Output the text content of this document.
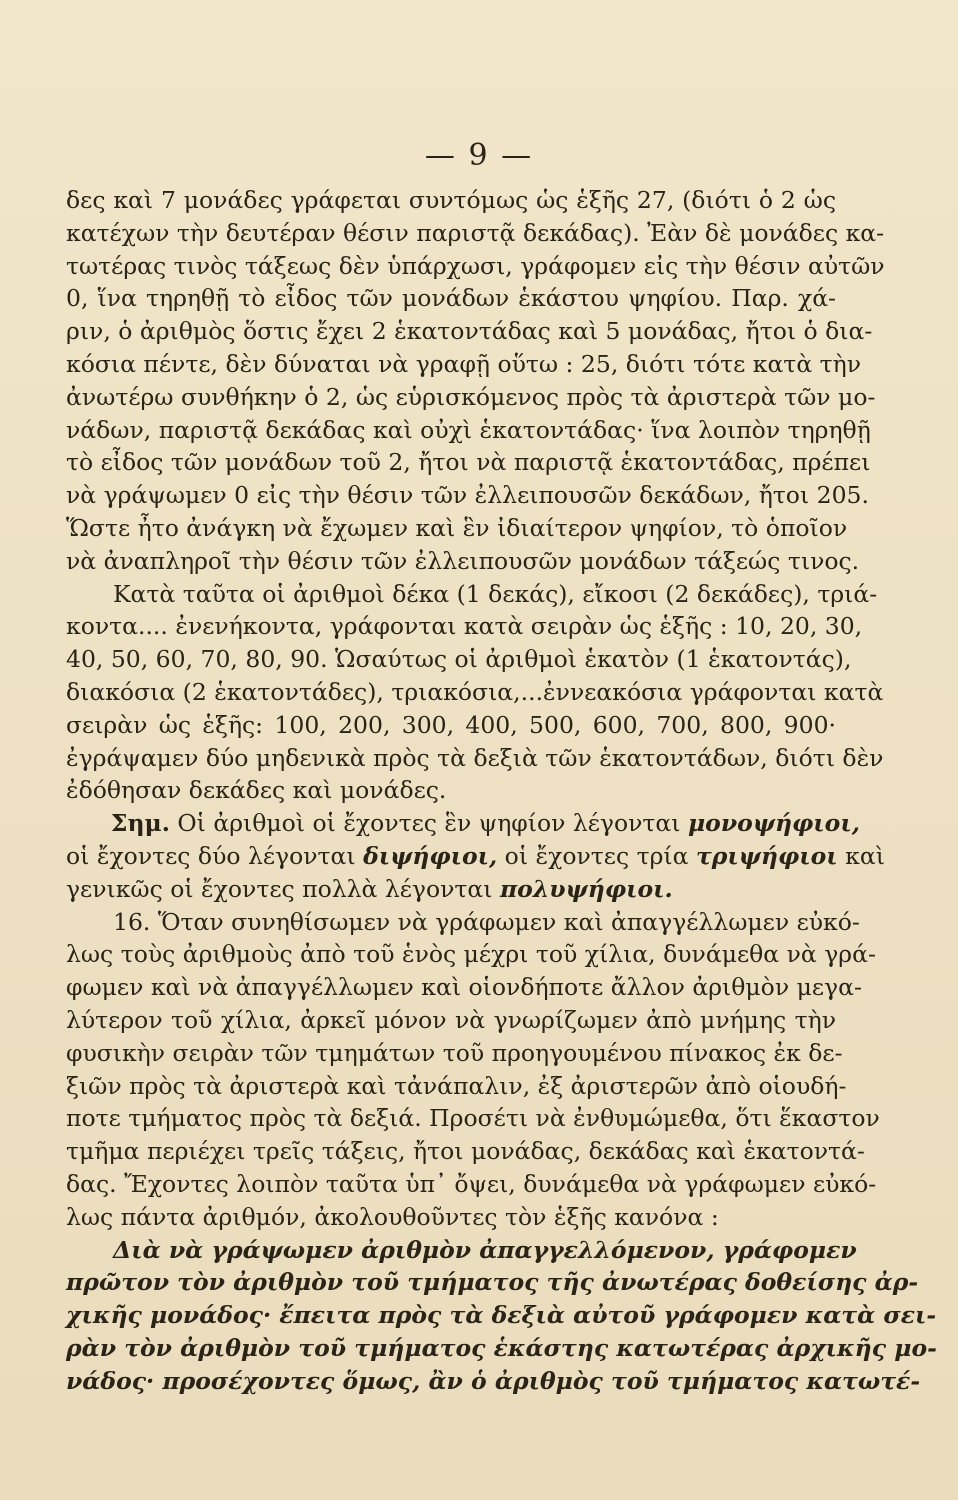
— 9 —
δες καὶ 7 μονάδες γράφεται συντόμως ὡς ἑξῆς 27, (διότι ὁ 2 ὡς
κατέχων τὴν δευτέραν θέσιν παριστᾷ δεκάδας). Ἐὰν δὲ μονάδες κα-
τωτέρας τινὸς τάξεως δὲν ὑπάρχωσι, γράφομεν εἰς τὴν θέσιν αὐτῶν
0, ἵνα τηρηθῇ τὸ εἶδος τῶν μονάδων ἑκάστου ψηφίου. Παρ. χά-
ριν, ὁ ἀριθμὸς ὅστις ἔχει 2 ἑκατοντάδας καὶ 5 μονάδας, ἤτοι ὁ δια-
κόσια πέντε, δὲν δύναται νὰ γραφῇ οὕτω : 25, διότι τότε κατὰ τὴν
ἀνωτέρω συνθήκην ὁ 2, ὡς εὑρισκόμενος πρὸς τὰ ἀριστερὰ τῶν μο-
νάδων, παριστᾷ δεκάδας καὶ οὐχὶ ἑκατοντάδας· ἵνα λοιπὸν τηρηθῇ
τὸ εἶδος τῶν μονάδων τοῦ 2, ἤτοι νὰ παριστᾷ ἑκατοντάδας, πρέπει
νὰ γράψωμεν 0 εἰς τὴν θέσιν τῶν ἐλλειπουσῶν δεκάδων, ἤτοι 205.
Ὥστε ἦτο ἀνάγκη νὰ ἔχωμεν καὶ ἓν ἰδιαίτερον ψηφίον, τὸ ὁποῖον
νὰ ἀναπληροῖ τὴν θέσιν τῶν ἐλλειπουσῶν μονάδων τάξεώς τινος.
  Κατὰ ταῦτα οἱ ἀριθμοὶ δέκα (1 δεκάς), εἴκοσι (2 δεκάδες), τριά-
κοντα.... ἐνενήκοντα, γράφονται κατὰ σειρὰν ὡς ἑξῆς : 10, 20, 30,
40, 50, 60, 70, 80, 90. Ὡσαύτως οἱ ἀριθμοὶ ἑκατὸν (1 ἑκατοντάς),
διακόσια (2 ἑκατοντάδες), τριακόσια,...ἐννεακόσια γράφονται κατὰ
σειρὰν ὡς ἑξῆς: 100, 200, 300, 400, 500, 600, 700, 800, 900·
ἐγράψαμεν δύο μηδενικὰ πρὸς τὰ δεξιὰ τῶν ἑκατοντάδων, διότι δὲν
ἐδόθησαν δεκάδες καὶ μονάδες.
​      Σημ. Οἱ ἀριθμοὶ οἱ ἔχοντες ἓν ψηφίον λέγονται μονοψήφιοι,
οἱ ἔχοντες δύο λέγονται διψήφιοι, οἱ ἔχοντες τρία τριψήφιοι καὶ
γενικῶς οἱ ἔχοντες πολλὰ λέγονται πολυψήφιοι.
  16. Ὅταν συνηθίσωμεν νὰ γράφωμεν καὶ ἀπαγγέλλωμεν εὐκό-
λως τοὺς ἀριθμοὺς ἀπὸ τοῦ ἑνὸς μέχρι τοῦ χίλια, δυνάμεθα νὰ γρά-
φωμεν καὶ νὰ ἀπαγγέλλωμεν καὶ οἱονδήποτε ἄλλον ἀριθμὸν μεγα-
λύτερον τοῦ χίλια, ἀρκεῖ μόνον νὰ γνωρίζωμεν ἀπὸ μνήμης τὴν
φυσικὴν σειρὰν τῶν τμημάτων τοῦ προηγουμένου πίνακος ἐκ δε-
ξιῶν πρὸς τὰ ἀριστερὰ καὶ τἀνάπαλιν, ἐξ ἀριστερῶν ἀπὸ οἱουδή-
ποτε τμήματος πρὸς τὰ δεξιά. Προσέτι νὰ ἐνθυμώμεθα, ὅτι ἕκαστον
τμῆμα περιέχει τρεῖς τάξεις, ἤτοι μονάδας, δεκάδας καὶ ἑκατοντά-
δας. Ἔχοντες λοιπὸν ταῦτα ὑπ᾽ ὄψει, δυνάμεθα νὰ γράφωμεν εὐκό-
λως πάντα ἀριθμόν, ἀκολουθοῦντες τὸν ἑξῆς κανόνα :
  Διὰ νὰ γράψωμεν ἀριθμὸν ἀπαγγελλόμενον, γράφομεν
πρῶτον τὸν ἀριθμὸν τοῦ τμήματος τῆς ἀνωτέρας δοθείσης ἀρ-
χικῆς μονάδος· ἔπειτα πρὸς τὰ δεξιὰ αὐτοῦ γράφομεν κατὰ σει-
ρὰν τὸν ἀριθμὸν τοῦ τμήματος ἑκάστης κατωτέρας ἀρχικῆς μο-
νάδος· προσέχοντες ὅμως, ἂν ὁ ἀριθμὸς τοῦ τμήματος κατωτέ-
